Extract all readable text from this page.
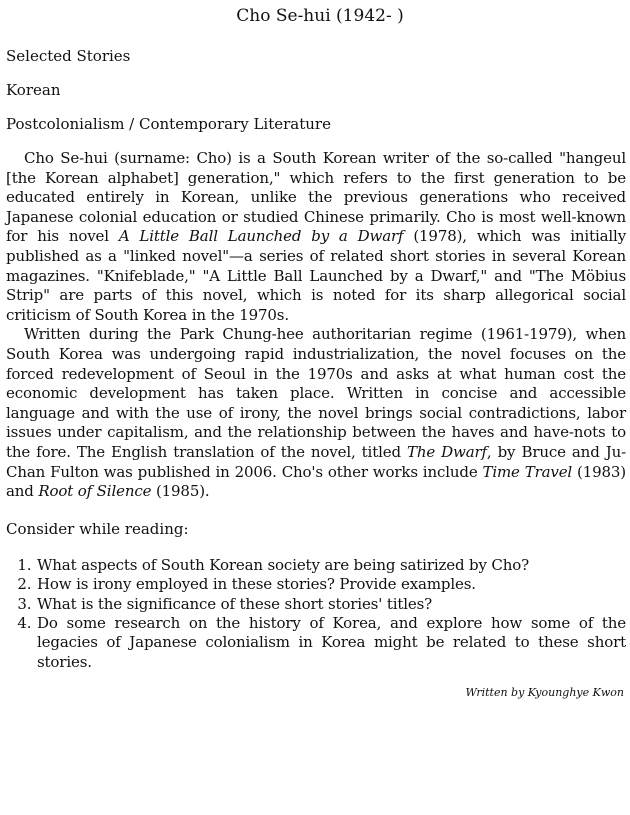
Cho Se-hui (1942- )

Selected Stories

Korean

Postcolonialism / Contemporary Literature

Cho Se-hui (surname: Cho) is a South Korean writer of the so-called "hangeul [the Korean alphabet] generation," which refers to the first generation to be educated entirely in Korean, unlike the previous generations who received Japanese colonial education or studied Chinese primarily. Cho is most well-known for his novel A Little Ball Launched by a Dwarf (1978), which was initially published as a "linked novel"—a series of related short stories in several Korean magazines. "Knifeblade," "A Little Ball Launched by a Dwarf," and "The Möbius Strip" are parts of this novel, which is noted for its sharp allegorical social criticism of South Korea in the 1970s.

Written during the Park Chung-hee authoritarian regime (1961-1979), when South Korea was undergoing rapid industrialization, the novel focuses on the forced redevelopment of Seoul in the 1970s and asks at what human cost the economic development has taken place. Written in concise and accessible language and with the use of irony, the novel brings social contradictions, labor issues under capitalism, and the relationship between the haves and have-nots to the fore. The English translation of the novel, titled The Dwarf, by Bruce and Ju-Chan Fulton was published in 2006. Cho's other works include Time Travel (1983) and Root of Silence (1985).

Consider while reading:

1. What aspects of South Korean society are being satirized by Cho?
2. How is irony employed in these stories? Provide examples.
3. What is the significance of these short stories' titles?
4. Do some research on the history of Korea, and explore how some of the legacies of Japanese colonialism in Korea might be related to these short stories.
Written by Kyounghye Kwon
